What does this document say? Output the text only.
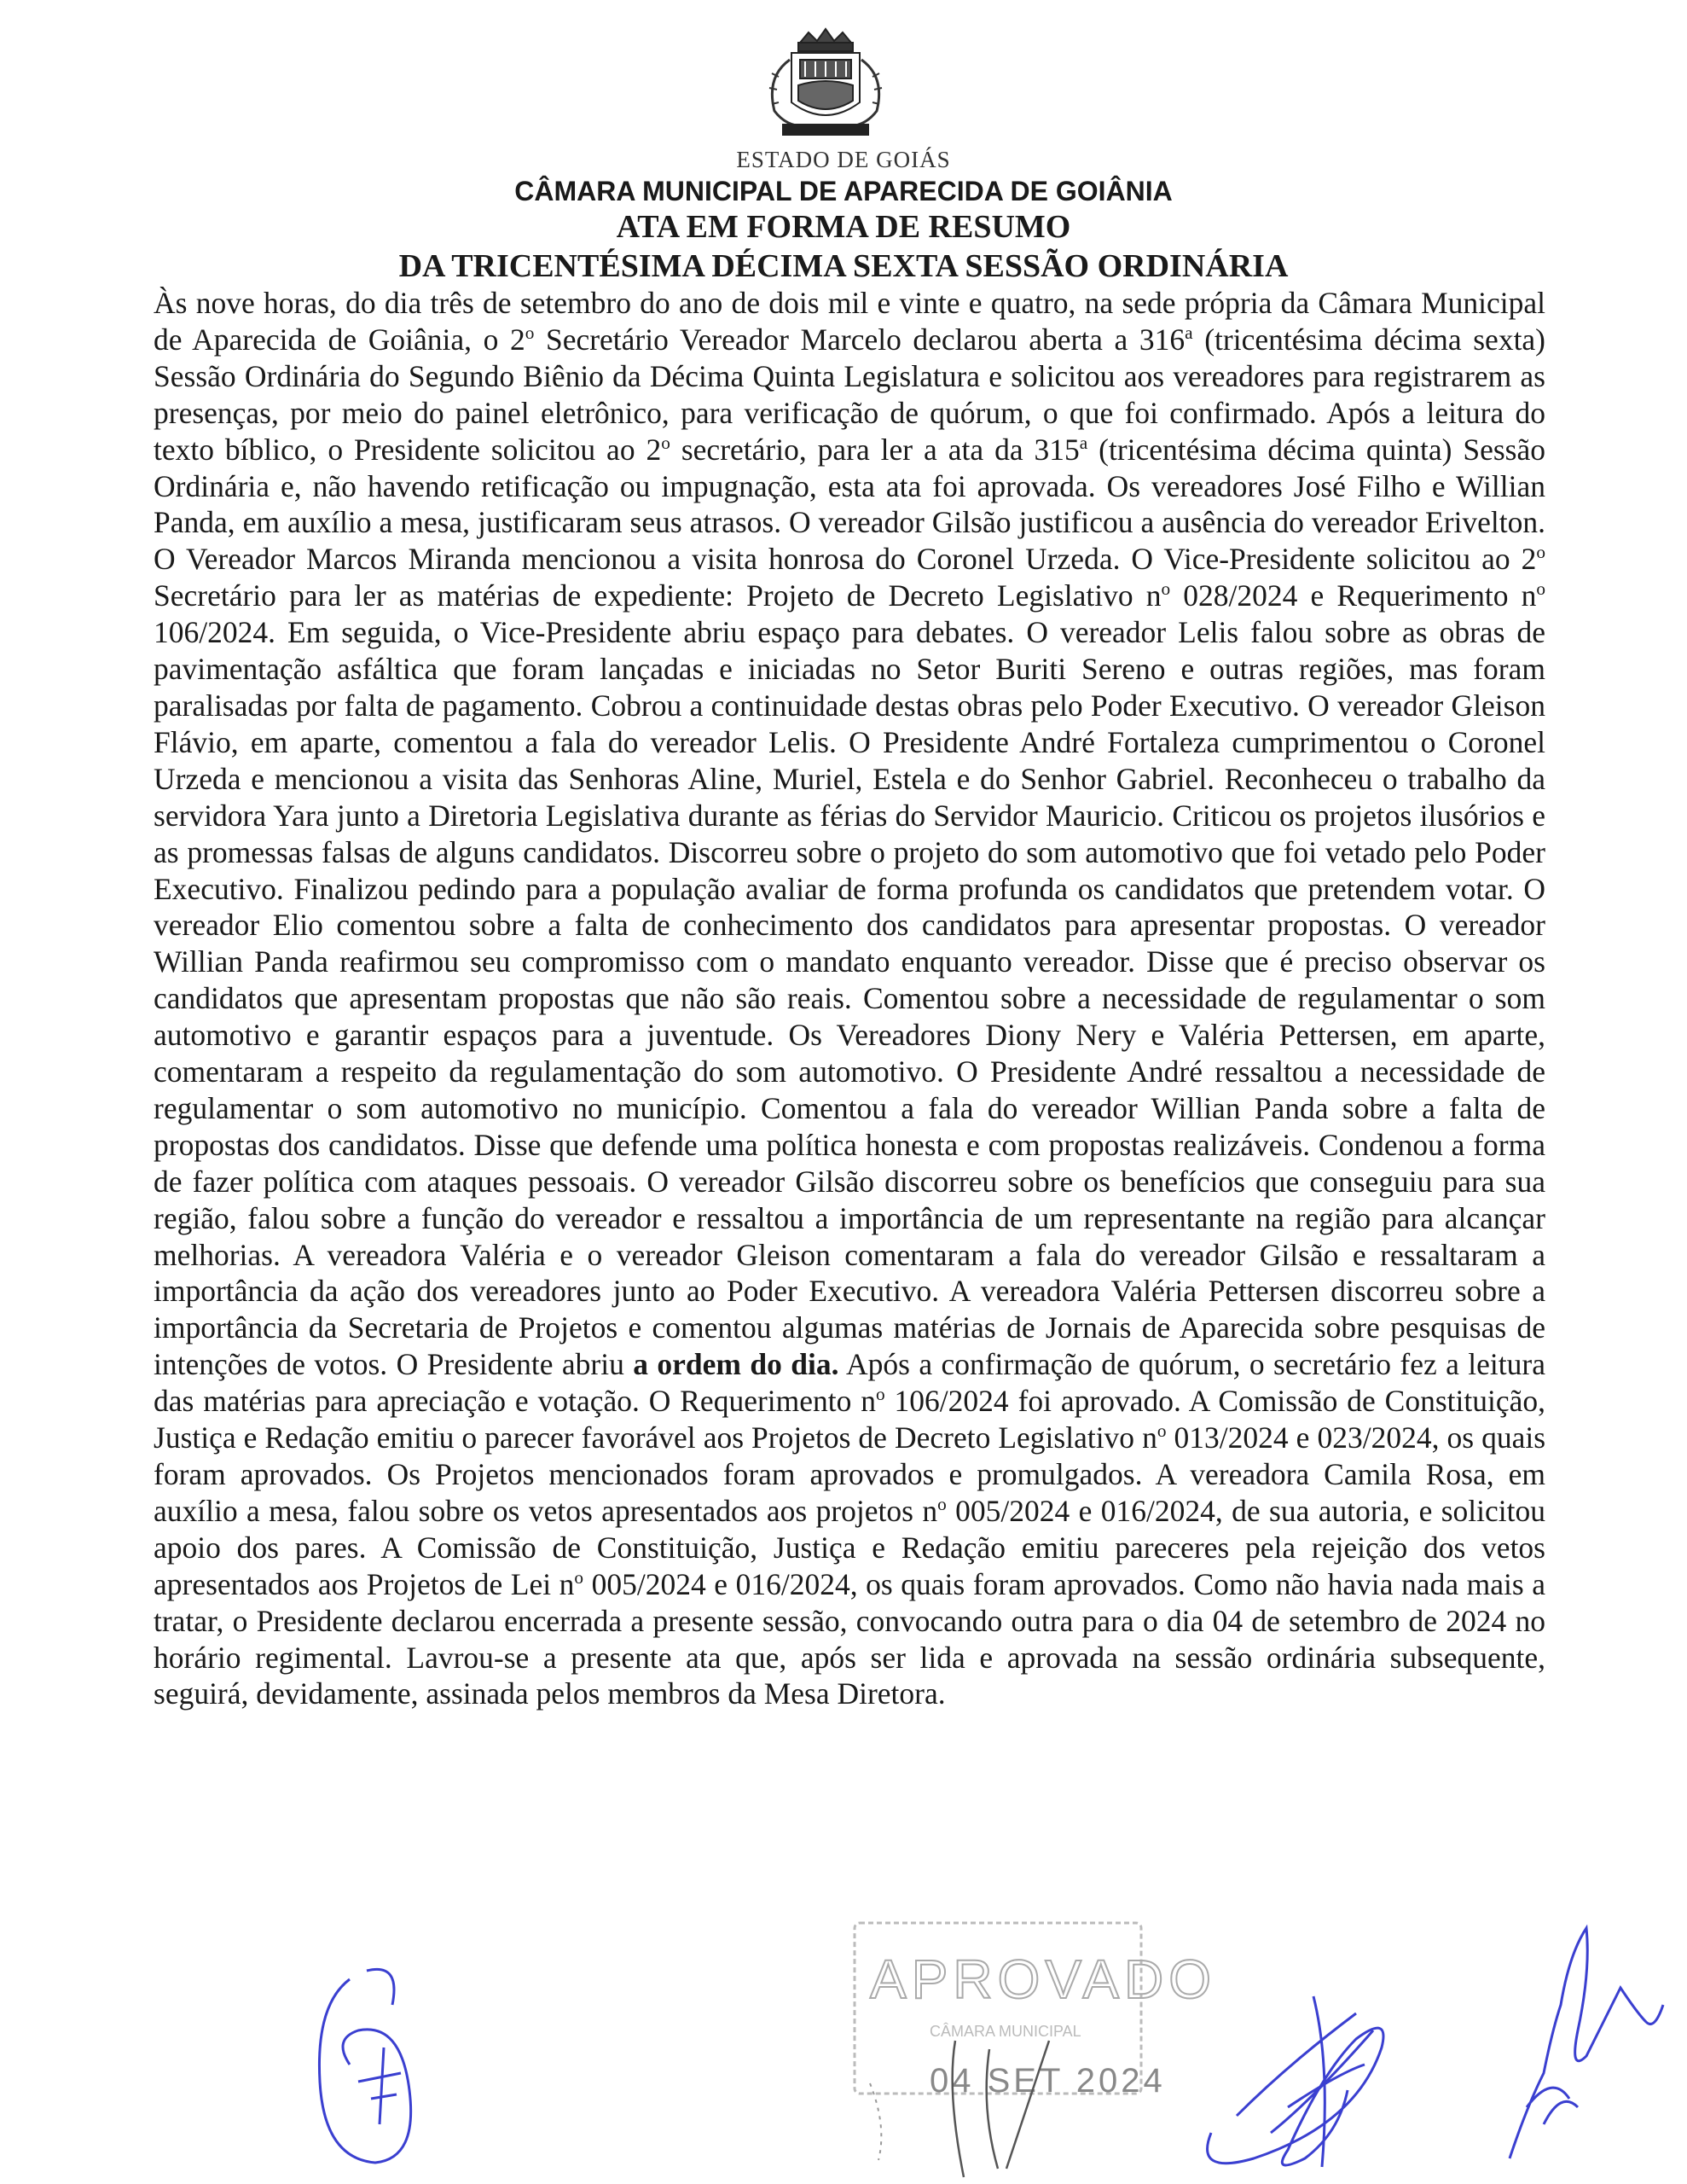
ESTADO DE GOIÁS
CÂMARA MUNICIPAL DE APARECIDA DE GOIÂNIA
ATA EM FORMA DE RESUMO
DA TRICENTÉSIMA DÉCIMA SEXTA SESSÃO ORDINÁRIA
Às nove horas, do dia três de setembro do ano de dois mil e vinte e quatro, na sede própria da Câmara Municipal de Aparecida de Goiânia, o 2$^o$ Secretário Vereador Marcelo declarou aberta a 316$^a$ (tricentésima décima sexta) Sessão Ordinária do Segundo Biênio da Décima Quinta Legislatura e solicitou aos vereadores para registrarem as presenças, por meio do painel eletrônico, para verificação de quórum, o que foi confirmado. Após a leitura do texto bíblico, o Presidente solicitou ao 2$^o$ secretário, para ler a ata da 315$^a$ (tricentésima décima quinta) Sessão Ordinária e, não havendo retificação ou impugnação, esta ata foi aprovada. Os vereadores José Filho e Willian Panda, em auxílio a mesa, justificaram seus atrasos. O vereador Gilsão justificou a ausência do vereador Erivelton. O Vereador Marcos Miranda mencionou a visita honrosa do Coronel Urzeda. O Vice-Presidente solicitou ao 2$^o$ Secretário para ler as matérias de expediente: Projeto de Decreto Legislativo $n^o$ 028/2024 e Requerimento $n^o$ 106/2024. Em seguida, o Vice-Presidente abriu espaço para debates. O vereador Lelis falou sobre as obras de pavimentação asfáltica que foram lançadas e iniciadas no Setor Buriti Sereno e outras regiões, mas foram paralisadas por falta de pagamento. Cobrou a continuidade destas obras pelo Poder Executivo. O vereador Gleison Flávio, em aparte, comentou a fala do vereador Lelis. O Presidente André Fortaleza cumprimentou o Coronel Urzeda e mencionou a visita das Senhoras Aline, Muriel, Estela e do Senhor Gabriel. Reconheceu o trabalho da servidora Yara junto a Diretoria Legislativa durante as férias do Servidor Mauricio. Criticou os projetos ilusórios e as promessas falsas de alguns candidatos. Discorreu sobre o projeto do som automotivo que foi vetado pelo Poder Executivo. Finalizou pedindo para a população avaliar de forma profunda os candidatos que pretendem votar. O vereador Elio comentou sobre a falta de conhecimento dos candidatos para apresentar propostas. O vereador Willian Panda reafirmou seu compromisso com o mandato enquanto vereador. Disse que é preciso observar os candidatos que apresentam propostas que não são reais. Comentou sobre a necessidade de regulamentar o som automotivo e garantir espaços para a juventude. Os Vereadores Diony Nery e Valéria Pettersen, em aparte, comentaram a respeito da regulamentação do som automotivo. O Presidente André ressaltou a necessidade de regulamentar o som automotivo no município. Comentou a fala do vereador Willian Panda sobre a falta de propostas dos candidatos. Disse que defende uma política honesta e com propostas realizáveis. Condenou a forma de fazer política com ataques pessoais. O vereador Gilsão discorreu sobre os benefícios que conseguiu para sua região, falou sobre a função do vereador e ressaltou a importância de um representante na região para alcançar melhorias. A vereadora Valéria e o vereador Gleison comentaram a fala do vereador Gilsão e ressaltaram a importância da ação dos vereadores junto ao Poder Executivo. A vereadora Valéria Pettersen discorreu sobre a importância da Secretaria de Projetos e comentou algumas matérias de Jornais de Aparecida sobre pesquisas de intenções de votos. O Presidente abriu a ordem do dia. Após a confirmação de quórum, o secretário fez a leitura das matérias para apreciação e votação. O Requerimento $n^o$ 106/2024 foi aprovado. A Comissão de Constituição, Justiça e Redação emitiu o parecer favorável aos Projetos de Decreto Legislativo $n^o$ 013/2024 e 023/2024, os quais foram aprovados. Os Projetos mencionados foram aprovados e promulgados. A vereadora Camila Rosa, em auxílio a mesa, falou sobre os vetos apresentados aos projetos $n^o$ 005/2024 e 016/2024, de sua autoria, e solicitou apoio dos pares. A Comissão de Constituição, Justiça e Redação emitiu pareceres pela rejeição dos vetos apresentados aos Projetos de Lei $n^o$ 005/2024 e 016/2024, os quais foram aprovados. Como não havia nada mais a tratar, o Presidente declarou encerrada a presente sessão, convocando outra para o dia 04 de setembro de 2024 no horário regimental. Lavrou-se a presente ata que, após ser lida e aprovada na sessão ordinária subsequente, seguirá, devidamente, assinada pelos membros da Mesa Diretora.
APROVADO
CÂMARA MUNICIPAL
04 SET 2024
